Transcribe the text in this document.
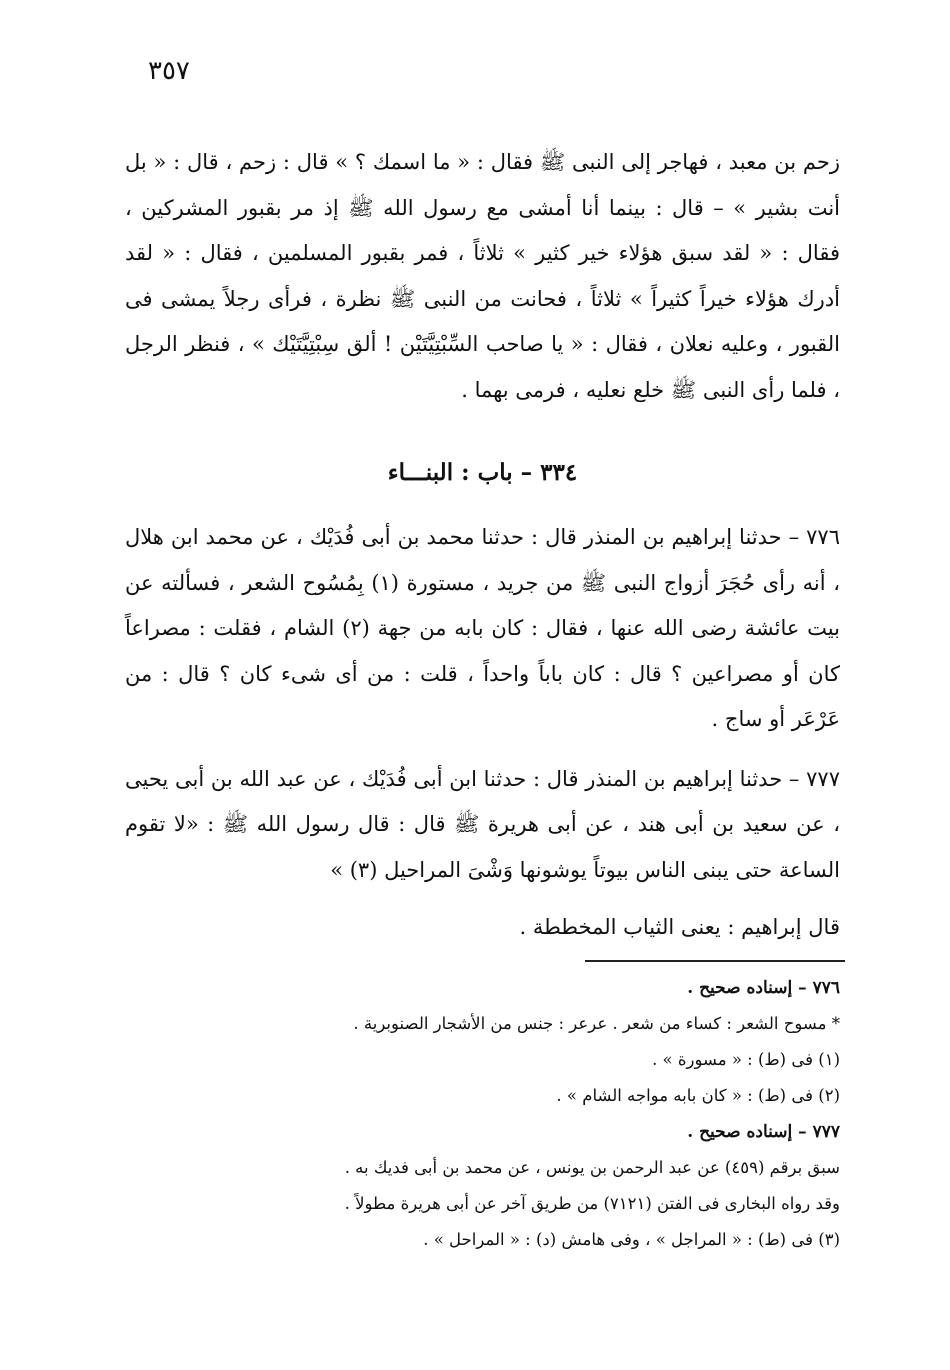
٣٥٧

زحم بن معبد ، فهاجر إلى النبى ﷺ فقال : « ما اسمك ؟ » قال : زحم ، قال : « بل أنت بشير » – قال : بينما أنا أمشى مع رسول الله ﷺ إذ مر بقبور المشركين ، فقال : « لقد سبق هؤلاء خير كثير » ثلاثاً ، فمر بقبور المسلمين ، فقال : « لقد أدرك هؤلاء خيراً كثيراً » ثلاثاً ، فحانت من النبى ﷺ نظرة ، فرأى رجلاً يمشى فى القبور ، وعليه نعلان ، فقال : « يا صاحب السِّبْتِيَّتَيْن ! ألق سِبْتِيَّتَيْك » ، فنظر الرجل ، فلما رأى النبى ﷺ خلع نعليه ، فرمى بهما .

٣٣٤ – باب : البنـــاء

٧٧٦ – حدثنا إبراهيم بن المنذر قال : حدثنا محمد بن أبى فُدَيْك ، عن محمد ابن هلال ، أنه رأى حُجَرَ أزواج النبى ﷺ من جريد ، مستورة (١) بِمُسُوح الشعر ، فسألته عن بيت عائشة رضى الله عنها ، فقال : كان بابه من جهة (٢) الشام ، فقلت : مصراعاً كان أو مصراعين ؟ قال : كان باباً واحداً ، قلت : من أى شىء كان ؟ قال : من عَرْعَر أو ساج .

٧٧٧ – حدثنا إبراهيم بن المنذر قال : حدثنا ابن أبى فُدَيْك ، عن عبد الله بن أبى يحيى ، عن سعيد بن أبى هند ، عن أبى هريرة ﷺ قال : قال رسول الله ﷺ : «لا تقوم الساعة حتى يبنى الناس بيوتاً يوشونها وَشْىَ المراحيل (٣) »

قال إبراهيم : يعنى الثياب المخططة .

٧٧٦ – إسناده صحيح .

* مسوح الشعر : كساء من شعر . عرعر : جنس من الأشجار الصنوبرية .

(١) فى (ط) : « مسورة » .

(٢) فى (ط) : « كان بابه مواجه الشام » .

٧٧٧ – إسناده صحيح .

سبق برقم (٤٥٩) عن عبد الرحمن بن يونس ، عن محمد بن أبى فديك به .

وقد رواه البخارى فى الفتن (٧١٢١) من طريق آخر عن أبى هريرة مطولاً .

(٣) فى (ط) : « المراجل » ، وفى هامش (د) : « المراحل » .
